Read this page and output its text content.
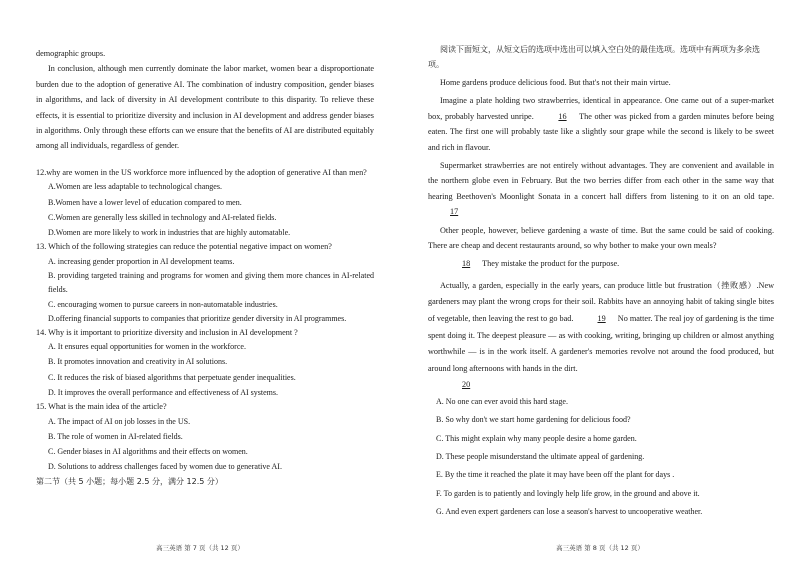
demographic groups.

In conclusion, although men currently dominate the labor market, women bear a disproportionate burden due to the adoption of generative AI. The combination of industry composition, gender biases in algorithms, and lack of diversity in AI development contribute to this disparity. To relieve these effects, it is essential to prioritize diversity and inclusion in AI development and address gender biases in algorithms. Only through these efforts can we ensure that the benefits of AI are distributed equitably among all individuals, regardless of gender.

12.why are women in the US workforce more influenced by the adoption of generative AI than men?

A.Women are less adaptable to technological changes.
B.Women have a lower level of education compared to men.
C.Women are generally less skilled in technology and AI-related fields.
D.Women are more likely to work in industries that are highly automatable.

13. Which of the following strategies can reduce the potential negative impact on women?

A. increasing gender proportion in AI development teams.
B. providing targeted training and programs for women and giving them more chances in AI-related fields.
C. encouraging women to pursue careers in non-automatable industries.
D.offering financial supports to companies that prioritize gender diversity in AI programmes.

14. Why is it important to prioritize diversity and inclusion in AI development ?

A. It ensures equal opportunities for women in the workforce.
B. It promotes innovation and creativity in AI solutions.
C. It reduces the risk of biased algorithms that perpetuate gender inequalities.
D. It improves the overall performance and effectiveness of AI systems.

15. What is the main idea of the article?

A. The impact of AI on job losses in the US.
B. The role of women in AI-related fields.
C. Gender biases in AI algorithms and their effects on women.
D. Solutions to address challenges faced by women due to generative AI.
第二节（共 5 小题；每小题 2.5 分，满分 12.5 分）
高三英语 第 7 页（共 12 页）

阅读下面短文，从短文后的选项中选出可以填入空白处的最佳选项。选项中有两项为多余选项。

Home gardens produce delicious food. But that's not their main virtue.

Imagine a plate holding two strawberries, identical in appearance. One came out of a super-market box, probably harvested unripe.	16 The other was picked from a garden minutes before being eaten. The first one will probably taste like a slightly sour grape while the second is likely to be sweet and rich in flavour.

Supermarket strawberries are not entirely without advantages. They are convenient and available in the northern globe even in February. But the two berries differ from each other in the same way that hearing Beethoven's Moonlight Sonata in a concert hall differs from listening to it on an old tape. 17

Other people, however, believe gardening a waste of time. But the same could be said of cooking. There are cheap and decent restaurants around, so why bother to make your own meals?

18 They mistake the product for the purpose.

Actually, a garden, especially in the early years, can produce little but frustration（挫败感）.New gardeners may plant the wrong crops for their soil. Rabbits have an annoying habit of taking single bites of vegetable, then leaving the rest to go bad.	19 No matter. The real joy of gardening is the time spent doing it. The deepest pleasure — as with cooking, writing, bringing up children or almost anything worthwhile — is in the work itself. A gardener's memories revolve not around the food produced, but around long afternoons with hands in the dirt.

20

A. No one can ever avoid this hard stage.
B. So why don't we start home gardening for delicious food?
C. This might explain why many people desire a home garden.
D. These people misunderstand the ultimate appeal of gardening.
E. By the time it reached the plate it may have been off the plant for days .
F. To garden is to patiently and lovingly help life grow, in the ground and above it.
G. And even expert gardeners can lose a season's harvest to uncooperative weather.
高三英语 第 8 页（共 12 页）
